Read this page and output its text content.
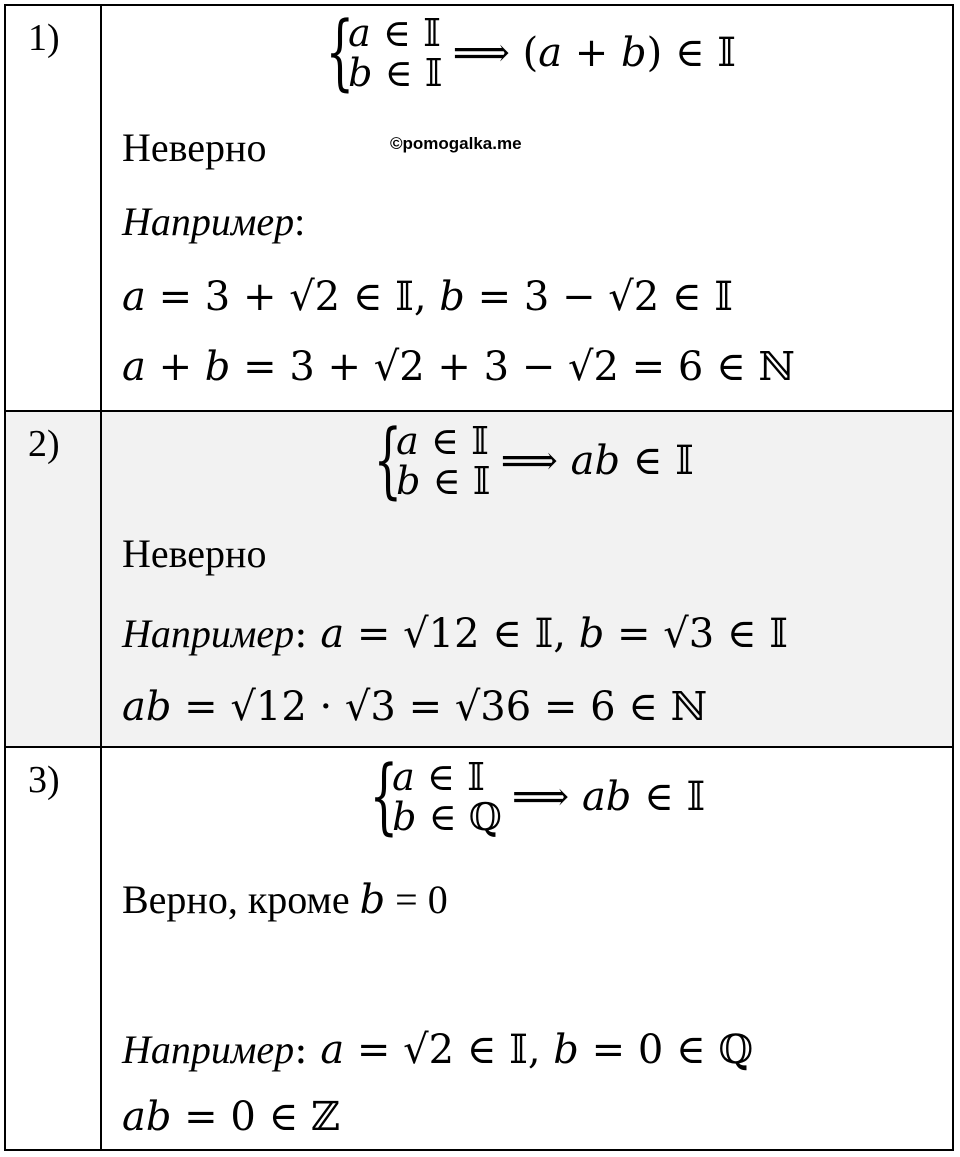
1)	{
𝑎 ∈ 𝕀
𝑏 ∈ 𝕀 ⟹ (𝑎 + 𝑏) ∈ 𝕀
Неверно
Например:
𝑎 = 3 + √2 ∈ 𝕀, 𝑏 = 3 − √2 ∈ 𝕀
𝑎 + 𝑏 = 3 + √2 + 3 − √2 = 6 ∈ ℕ
2)	{
𝑎 ∈ 𝕀
𝑏 ∈ 𝕀 ⟹ 𝑎𝑏 ∈ 𝕀
Неверно
Например: 𝑎 = √12 ∈ 𝕀, 𝑏 = √3 ∈ 𝕀
𝑎𝑏 = √12 · √3 = √36 = 6 ∈ ℕ
3)	{
𝑎 ∈ 𝕀
𝑏 ∈ ℚ ⟹ 𝑎𝑏 ∈ 𝕀
Верно, кроме 𝑏 = 0
Например: 𝑎 = √2 ∈ 𝕀, 𝑏 = 0 ∈ ℚ
𝑎𝑏 = 0 ∈ ℤ
©pomogalka.me
